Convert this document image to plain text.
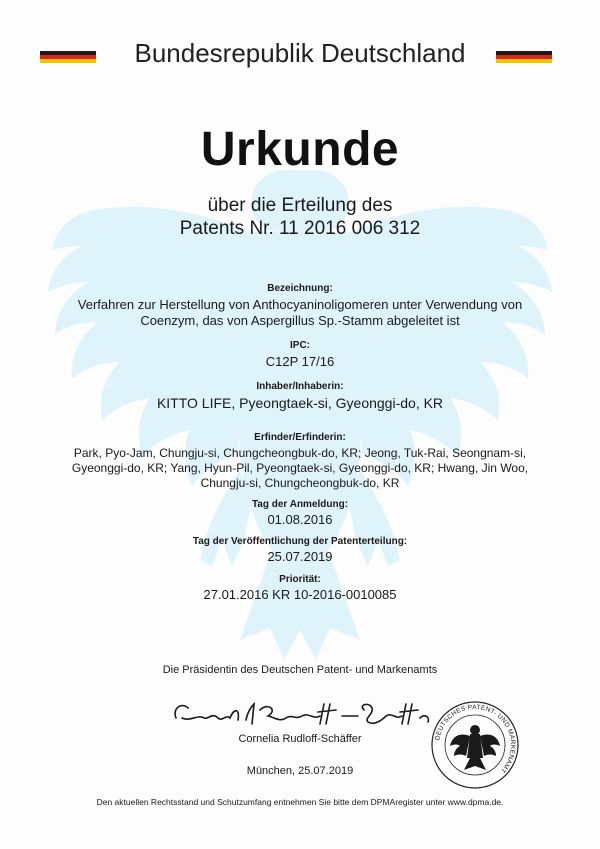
Bundesrepublik Deutschland
Urkunde
über die Erteilung des
Patents Nr. 11 2016 006 312
Bezeichnung:
Verfahren zur Herstellung von Anthocyaninoligomeren unter Verwendung von
Coenzym, das von Aspergillus Sp.-Stamm abgeleitet ist
IPC:
C12P 17/16
Inhaber/Inhaberin:
KITTO LIFE, Pyeongtaek-si, Gyeonggi-do, KR
Erfinder/Erfinderin:
Park, Pyo-Jam, Chungju-si, Chungcheongbuk-do, KR; Jeong, Tuk-Rai, Seongnam-si,
Gyeonggi-do, KR; Yang, Hyun-Pil, Pyeongtaek-si, Gyeonggi-do, KR; Hwang, Jin Woo,
Chungju-si, Chungcheongbuk-do, KR
Tag der Anmeldung:
01.08.2016
Tag der Veröffentlichung der Patenterteilung:
25.07.2019
Priorität:
27.01.2016 KR 10-2016-0010085
Die Präsidentin des Deutschen Patent- und Markenamts
Cornelia Rudloff-Schäffer
München, 25.07.2019
DEUTSCHES PATENT- UND MARKENAMT
Den aktuellen Rechtsstand und Schutzumfang entnehmen Sie bitte dem DPMAregister unter www.dpma.de.
